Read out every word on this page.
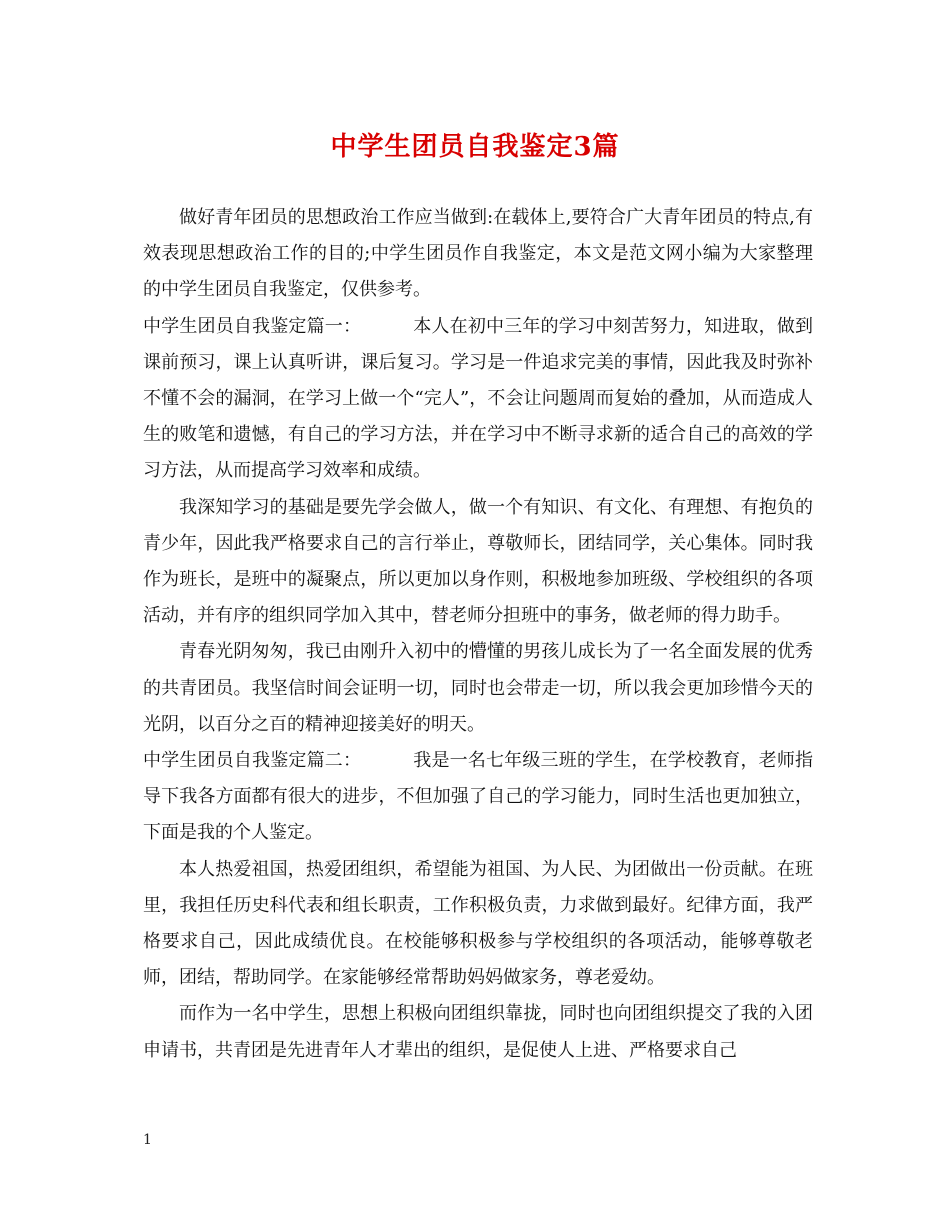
中学生团员自我鉴定3篇

做好青年团员的思想政治工作应当做到:在载体上,要符合广大青年团员的特点,有效表现思想政治工作的目的;中学生团员作自我鉴定，本文是范文网小编为大家整理的中学生团员自我鉴定，仅供参考。

中学生团员自我鉴定篇一：	本人在初中三年的学习中刻苦努力，知进取，做到课前预习，课上认真听讲，课后复习。学习是一件追求完美的事情，因此我及时弥补不懂不会的漏洞，在学习上做一个“完人”，不会让问题周而复始的叠加，从而造成人生的败笔和遗憾，有自己的学习方法，并在学习中不断寻求新的适合自己的高效的学习方法，从而提高学习效率和成绩。

我深知学习的基础是要先学会做人，做一个有知识、有文化、有理想、有抱负的青少年，因此我严格要求自己的言行举止，尊敬师长，团结同学，关心集体。同时我作为班长，是班中的凝聚点，所以更加以身作则，积极地参加班级、学校组织的各项活动，并有序的组织同学加入其中，替老师分担班中的事务，做老师的得力助手。

青春光阴匆匆，我已由刚升入初中的懵懂的男孩儿成长为了一名全面发展的优秀的共青团员。我坚信时间会证明一切，同时也会带走一切，所以我会更加珍惜今天的光阴，以百分之百的精神迎接美好的明天。

中学生团员自我鉴定篇二：	我是一名七年级三班的学生，在学校教育，老师指导下我各方面都有很大的进步，不但加强了自己的学习能力，同时生活也更加独立，下面是我的个人鉴定。

本人热爱祖国，热爱团组织，希望能为祖国、为人民、为团做出一份贡献。在班里，我担任历史科代表和组长职责，工作积极负责，力求做到最好。纪律方面，我严格要求自己，因此成绩优良。在校能够积极参与学校组织的各项活动，能够尊敬老师，团结，帮助同学。在家能够经常帮助妈妈做家务，尊老爱幼。

而作为一名中学生，思想上积极向团组织靠拢，同时也向团组织提交了我的入团申请书，共青团是先进青年人才辈出的组织，是促使人上进、严格要求自己

1
